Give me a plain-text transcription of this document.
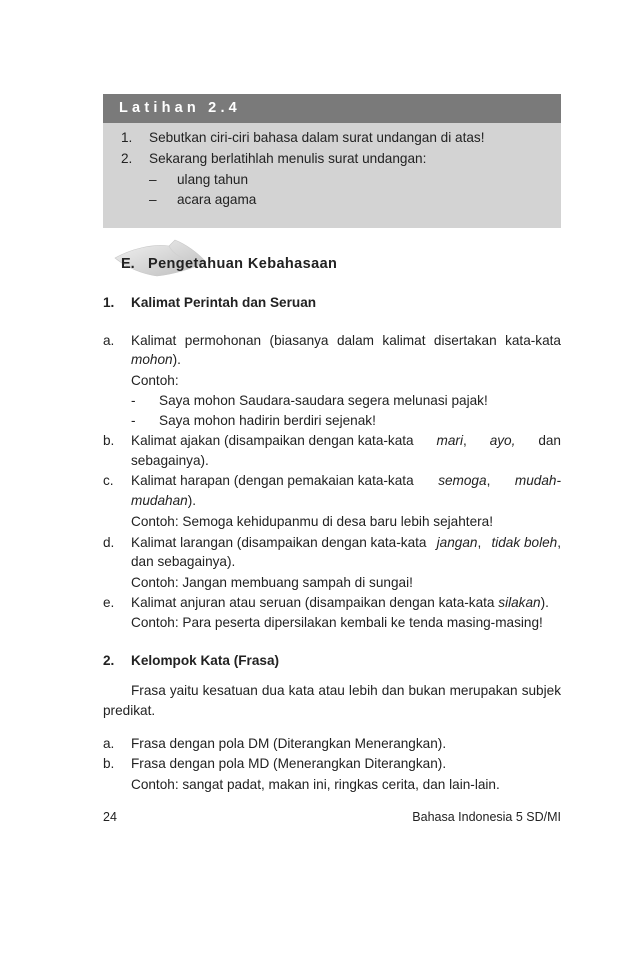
Latihan 2.4
1. Sebutkan ciri-ciri bahasa dalam surat undangan di atas!
2. Sekarang berlatihlah menulis surat undangan:
– ulang tahun
– acara agama
E. Pengetahuan Kebahasaan
1. Kalimat Perintah dan Seruan
a. Kalimat permohonan (biasanya dalam kalimat disertakan kata-kata
mohon).
Contoh:
- Saya mohon Saudara-saudara segera melunasi pajak!
- Saya mohon hadirin berdiri sejenak!
b. Kalimat ajakan (disampaikan dengan kata-kata mari, ayo, dan
sebagainya).
c. Kalimat harapan (dengan pemakaian kata-kata semoga, mudah-
mudahan).
Contoh: Semoga kehidupanmu di desa baru lebih sejahtera!
d. Kalimat larangan (disampaikan dengan kata-kata jangan, tidak boleh,
dan sebagainya).
Contoh: Jangan membuang sampah di sungai!
e. Kalimat anjuran atau seruan (disampaikan dengan kata-kata silakan).
Contoh: Para peserta dipersilakan kembali ke tenda masing-masing!
2. Kelompok Kata (Frasa)
Frasa yaitu kesatuan dua kata atau lebih dan bukan merupakan subjek
predikat.
a. Frasa dengan pola DM (Diterangkan Menerangkan).
b. Frasa dengan pola MD (Menerangkan Diterangkan).
Contoh: sangat padat, makan ini, ringkas cerita, dan lain-lain.
24	Bahasa Indonesia 5 SD/MI
